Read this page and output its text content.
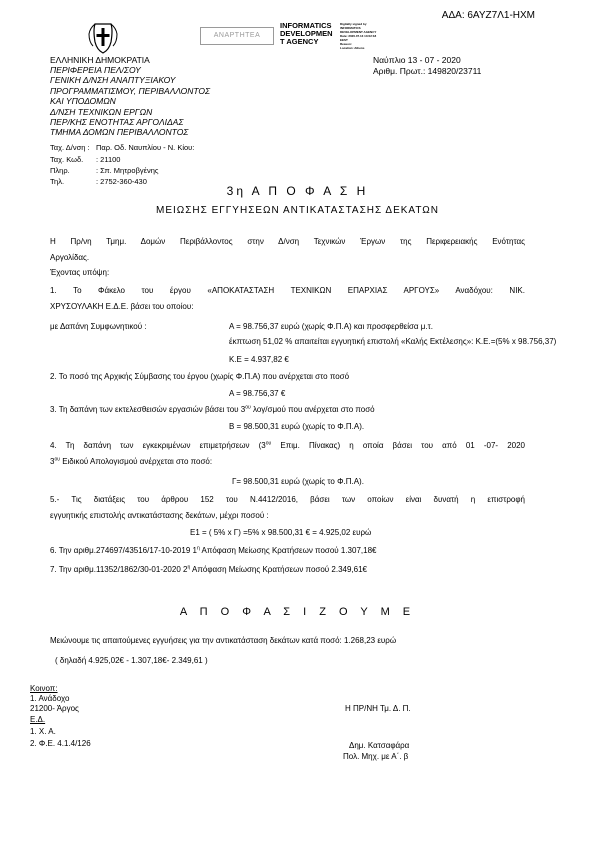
ΑΔΑ: 6ΑΥΖ7Λ1-ΗΧΜ
ΑΝΑΡΤΗΤΕΑ
INFORMATICS
DEVELOPMEN
T AGENCY
Digitally signed by
INFORMATICS
DEVELOPMENT AGENCY
Date: 2020.07.13 13:02:18
EEST
Reason:
Location: Athens
ΕΛΛΗΝΙΚΗ ΔΗΜΟΚΡΑΤΙΑ
ΠΕΡΙΦΕΡΕΙΑ ΠΕΛ/ΣΟΥ
ΓΕΝΙΚΗ Δ/ΝΣΗ ΑΝΑΠΤΥΞΙΑΚΟΥ
ΠΡΟΓΡΑΜΜΑΤΙΣΜΟΥ, ΠΕΡΙΒΑΛΛΟΝΤΟΣ
ΚΑΙ ΥΠΟΔΟΜΩΝ
Δ/ΝΣΗ ΤΕΧΝΙΚΩΝ ΕΡΓΩΝ
ΠΕΡ/ΚΗΣ ΕΝΟΤΗΤΑΣ ΑΡΓΟΛΙΔΑΣ
ΤΜΗΜΑ ΔΟΜΩΝ ΠΕΡΙΒΑΛΛΟΝΤΟΣ
Ναύπλιο 13 - 07 - 2020
Αριθμ. Πρωτ.: 149820/23711
Ταχ. Δ/νση : Παρ. Οδ. Ναυπλίου - Ν. Κίου:
Ταχ. Κωδ. : 21100
Πληρ.	: Σπ. Μητροβγένης
Τηλ.	: 2752-360-430
3η Α Π Ο Φ Α Σ Η
ΜΕΙΩΣΗΣ ΕΓΓΥΗΣΕΩΝ ΑΝΤΙΚΑΤΑΣΤΑΣΗΣ ΔΕΚΑΤΩΝ
Η Πρ/νη Τμημ. Δομών Περιβάλλοντος στην Δ/νση Τεχνικών Έργων της Περιφερειακής Ενότητας
Αργολίδας.
Έχοντας υπόψη:
1. Το Φάκελο του έργου «ΑΠΟΚΑΤΑΣΤΑΣΗ ΤΕΧΝΙΚΩΝ ΕΠΑΡΧΙΑΣ ΑΡΓΟΥΣ» Αναδόχου: ΝΙΚ.
ΧΡΥΣΟΥΛΑΚΗ Ε.Δ.Ε. βάσει του οποίου:
με Δαπάνη Συμφωνητικού :	Α = 98.756,37 ευρώ (χωρίς Φ.Π.Α) και προσφερθείσα μ.τ.
έκπτωση 51,02 % απαιτείται εγγυητική επιστολή «Καλής Εκτέλεσης»: Κ.Ε.=(5% x 98.756,37)
Κ.Ε = 4.937,82 €
2. Το ποσό της Αρχικής Σύμβασης του έργου (χωρίς Φ.Π.Α) που ανέρχεται στο ποσό
Α = 98.756,37 €
3. Τη δαπάνη των εκτελεσθεισών εργασιών βάσει του $3^{o\upsilon}$ λογ/σμού που ανέρχεται στο ποσό
Β = 98.500,31 ευρώ (χωρίς το Φ.Π.Α).
4. Τη δαπάνη των εγκεκριμένων επιμετρήσεων ($3^{o\upsilon}$ Επιμ. Πίνακας) η οποία βάσει του από 01 -07- 2020
$3^{o\upsilon}$ Ειδικού Απολογισμού ανέρχεται στο ποσό:
Γ= 98.500,31 ευρώ (χωρίς το Φ.Π.Α).
5.- Τις διατάξεις του άρθρου 152 του Ν.4412/2016, βάσει των οποίων είναι δυνατή η επιστροφή
εγγυητικής επιστολής αντικατάστασης δεκάτων, μέχρι ποσού :
Ε1 = ( 5% x Γ) =5% x 98.500,31 € = 4.925,02 ευρώ
6. Την αριθμ.274697/43516/17-10-2019 $1^\eta$ Απόφαση Μείωσης Κρατήσεων ποσού 1.307,18€
7. Την αριθμ.11352/1862/30-01-2020 $2^\eta$ Απόφαση Μείωσης Κρατήσεων ποσού 2.349,61€
Α Π Ο Φ Α Σ Ι Ζ Ο Υ Μ Ε
Μειώνουμε τις απαιτούμενες εγγυήσεις για την αντικατάσταση δεκάτων κατά ποσό: 1.268,23 ευρώ
( δηλαδή 4.925,02€ - 1.307,18€- 2.349,61 )
Κοινοπ:
1. Ανάδοχο
21200- Άργος
Ε.Δ.
1. Χ. Α.
2. Φ.Ε. 4.1.4/126
Η ΠΡ/ΝΗ Τμ. Δ. Π.
Δημ. Κατσαφάρα
Πολ. Μηχ. με Α΄. β
